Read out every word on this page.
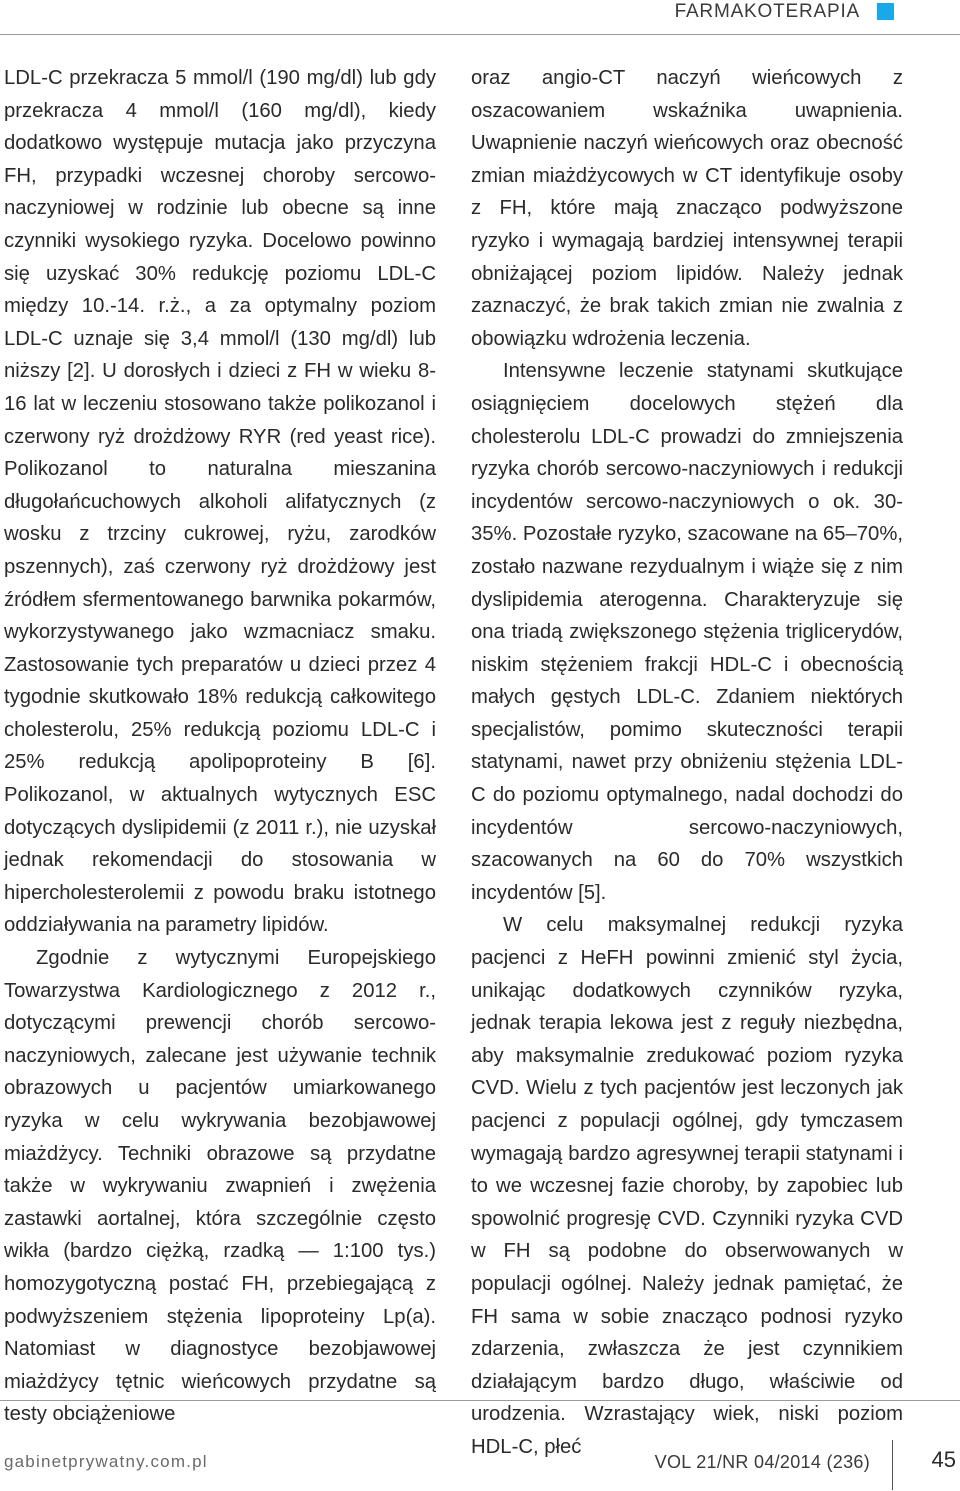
FARMAKOTERAPIA

LDL-C przekracza 5 mmol/l (190 mg/dl) lub gdy przekracza 4 mmol/l (160 mg/dl), kiedy dodatkowo występuje mutacja jako przyczyna FH, przypadki wczesnej choroby sercowo-naczyniowej w rodzinie lub obecne są inne czynniki wysokiego ryzyka. Docelowo powinno się uzyskać 30% redukcję poziomu LDL-C między 10.-14. r.ż., a za optymalny poziom LDL-C uznaje się 3,4 mmol/l (130 mg/dl) lub niższy [2]. U dorosłych i dzieci z FH w wieku 8-16 lat w leczeniu stosowano także polikozanol i czerwony ryż drożdżowy RYR (red yeast rice). Polikozanol to naturalna mieszanina długołańcuchowych alkoholi alifatycznych (z wosku z trzciny cukrowej, ryżu, zarodków pszennych), zaś czerwony ryż drożdżowy jest źródłem sfermentowanego barwnika pokarmów, wykorzystywanego jako wzmacniacz smaku. Zastosowanie tych preparatów u dzieci przez 4 tygodnie skutkowało 18% redukcją całkowitego cholesterolu, 25% redukcją poziomu LDL-C i 25% redukcją apolipoproteiny B [6]. Polikozanol, w aktualnych wytycznych ESC dotyczących dyslipidemii (z 2011 r.), nie uzyskał jednak rekomendacji do stosowania w hipercholesterolemii z powodu braku istotnego oddziaływania na parametry lipidów.

Zgodnie z wytycznymi Europejskiego Towarzystwa Kardiologicznego z 2012 r., dotyczącymi prewencji chorób sercowo-naczyniowych, zalecane jest używanie technik obrazowych u pacjentów umiarkowanego ryzyka w celu wykrywania bezobjawowej miażdżycy. Techniki obrazowe są przydatne także w wykrywaniu zwapnień i zwężenia zastawki aortalnej, która szczególnie często wikła (bardzo ciężką, rzadką — 1:100 tys.) homozygotyczną postać FH, przebiegającą z podwyższeniem stężenia lipoproteiny Lp(a). Natomiast w diagnostyce bezobjawowej miażdżycy tętnic wieńcowych przydatne są testy obciążeniowe

oraz angio-CT naczyń wieńcowych z oszacowaniem wskaźnika uwapnienia. Uwapnienie naczyń wieńcowych oraz obecność zmian miażdżycowych w CT identyfikuje osoby z FH, które mają znacząco podwyższone ryzyko i wymagają bardziej intensywnej terapii obniżającej poziom lipidów. Należy jednak zaznaczyć, że brak takich zmian nie zwalnia z obowiązku wdrożenia leczenia.

Intensywne leczenie statynami skutkujące osiągnięciem docelowych stężeń dla cholesterolu LDL-C prowadzi do zmniejszenia ryzyka chorób sercowo-naczyniowych i redukcji incydentów sercowo-naczyniowych o ok. 30-35%. Pozostałe ryzyko, szacowane na 65–70%, zostało nazwane rezydualnym i wiąże się z nim dyslipidemia aterogenna. Charakteryzuje się ona triadą zwiększonego stężenia triglicerydów, niskim stężeniem frakcji HDL-C i obecnością małych gęstych LDL-C. Zdaniem niektórych specjalistów, pomimo skuteczności terapii statynami, nawet przy obniżeniu stężenia LDL-C do poziomu optymalnego, nadal dochodzi do incydentów sercowo-naczyniowych, szacowanych na 60 do 70% wszystkich incydentów [5].

W celu maksymalnej redukcji ryzyka pacjenci z HeFH powinni zmienić styl życia, unikając dodatkowych czynników ryzyka, jednak terapia lekowa jest z reguły niezbędna, aby maksymalnie zredukować poziom ryzyka CVD. Wielu z tych pacjentów jest leczonych jak pacjenci z populacji ogólnej, gdy tymczasem wymagają bardzo agresywnej terapii statynami i to we wczesnej fazie choroby, by zapobiec lub spowolnić progresję CVD. Czynniki ryzyka CVD w FH są podobne do obserwowanych w populacji ogólnej. Należy jednak pamiętać, że FH sama w sobie znacząco podnosi ryzyko zdarzenia, zwłaszcza że jest czynnikiem działającym bardzo długo, właściwie od urodzenia. Wzrastający wiek, niski poziom HDL-C, płeć

gabinetprywatny.com.pl	VOL 21/NR 04/2014 (236)	45
